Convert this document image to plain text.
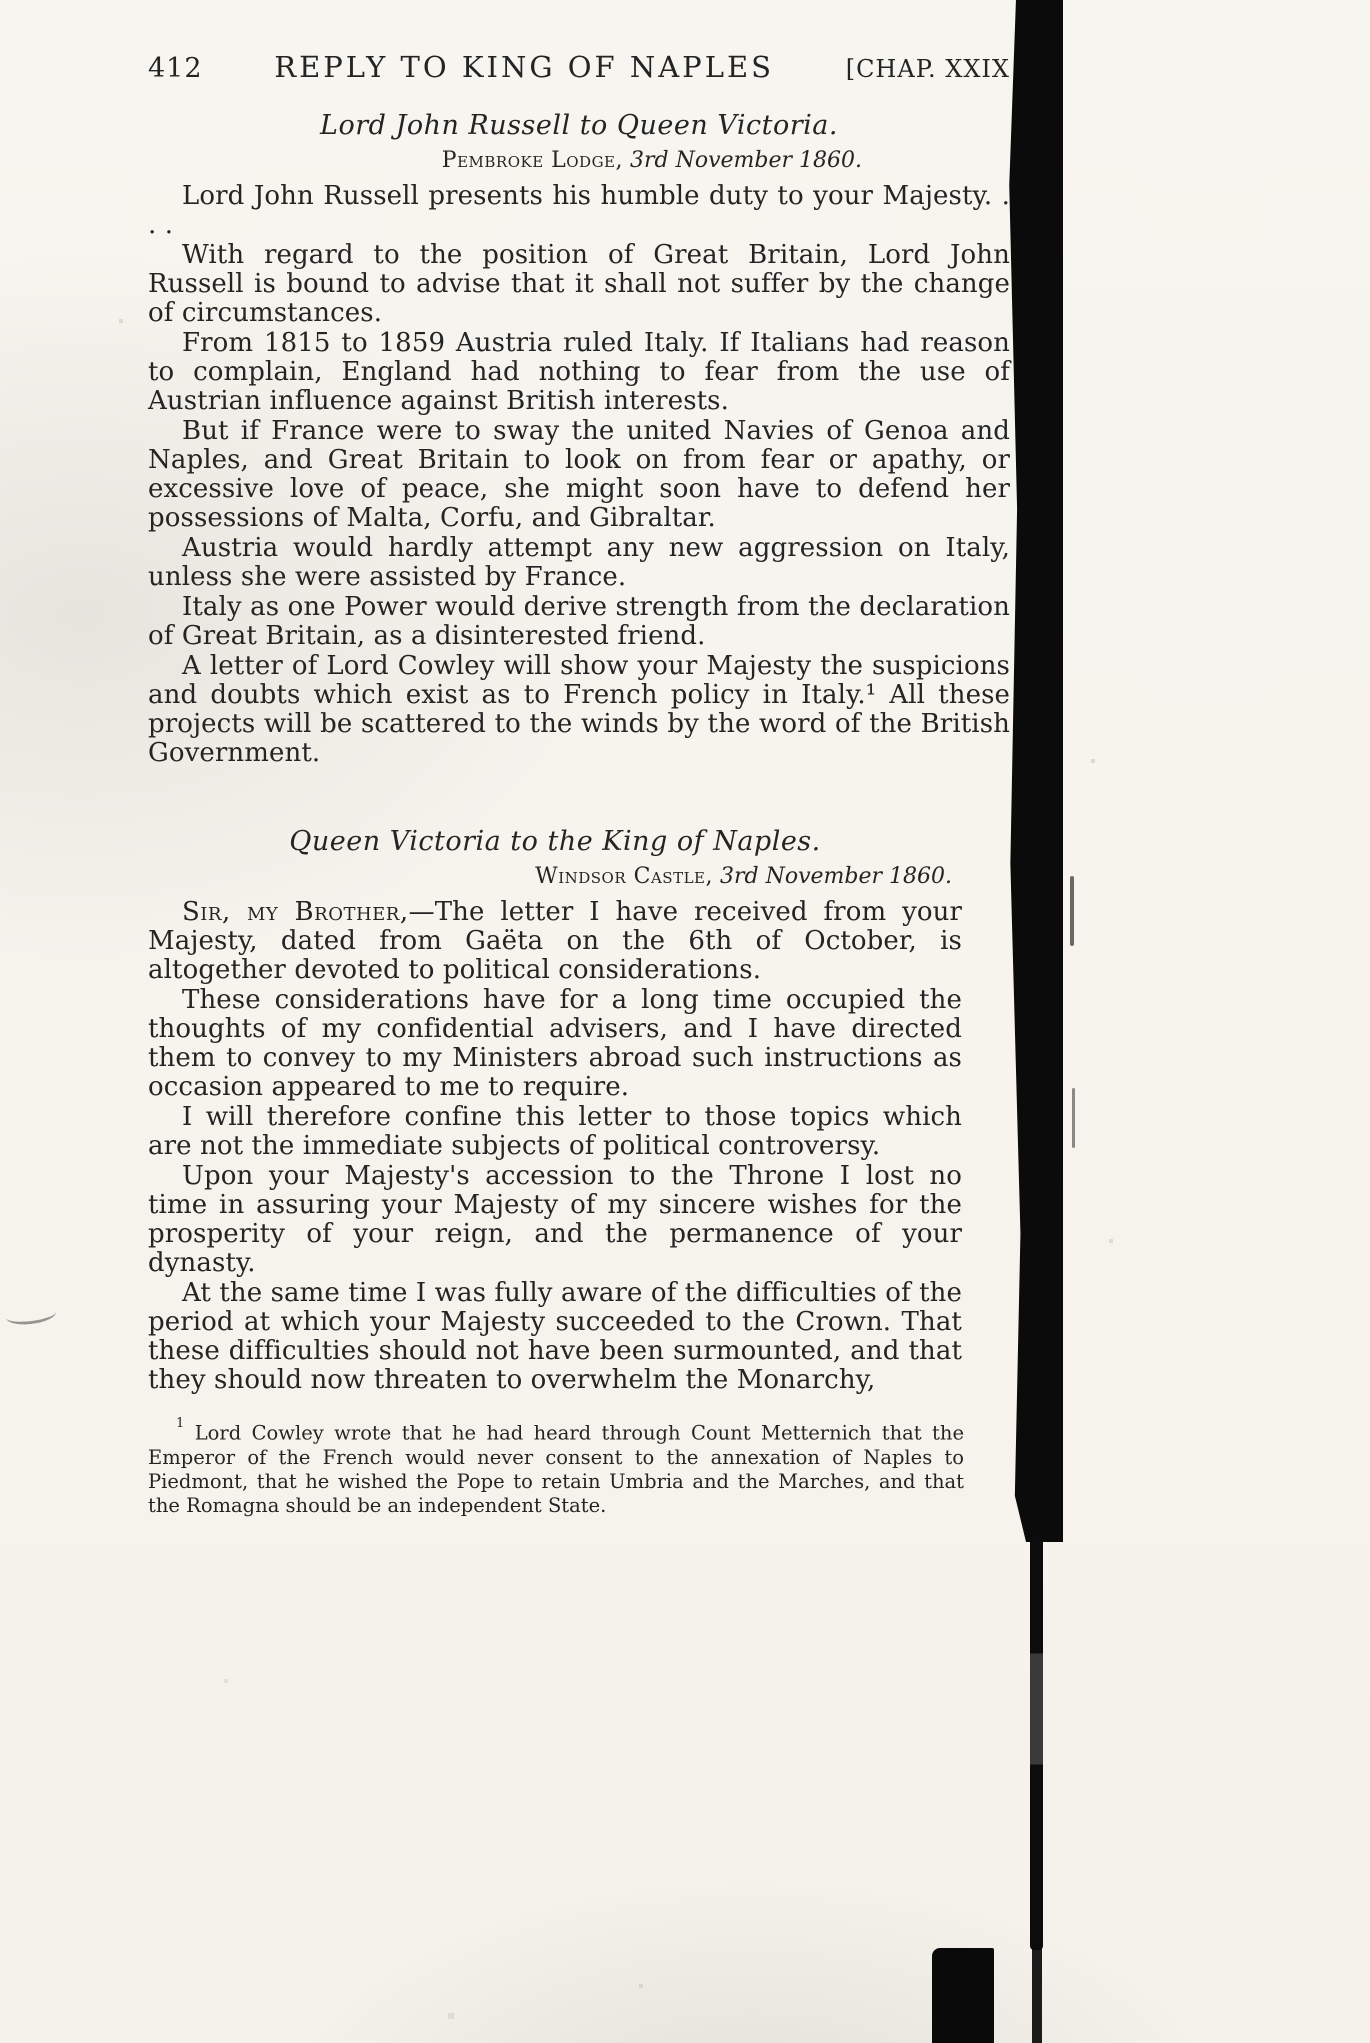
412 REPLY TO KING OF NAPLES	[CHAP. XXIX
Lord John Russell to Queen Victoria.
Pembroke Lodge, 3rd November 1860.

Lord John Russell presents his humble duty to your Majesty. . . .

With regard to the position of Great Britain, Lord John Russell is bound to advise that it shall not suffer by the change of circumstances.

From 1815 to 1859 Austria ruled Italy. If Italians had reason to complain, England had nothing to fear from the use of Austrian influence against British interests.

But if France were to sway the united Navies of Genoa and Naples, and Great Britain to look on from fear or apathy, or excessive love of peace, she might soon have to defend her possessions of Malta, Corfu, and Gibraltar.

Austria would hardly attempt any new aggression on Italy, unless she were assisted by France.

Italy as one Power would derive strength from the declaration of Great Britain, as a disinterested friend.

A letter of Lord Cowley will show your Majesty the suspicions and doubts which exist as to French policy in Italy.¹ All these projects will be scattered to the winds by the word of the British Government.

Queen Victoria to the King of Naples.
Windsor Castle, 3rd November 1860.

Sir, my Brother,—The letter I have received from your Majesty, dated from Gaëta on the 6th of October, is altogether devoted to political considerations.

These considerations have for a long time occupied the thoughts of my confidential advisers, and I have directed them to convey to my Ministers abroad such instructions as occasion appeared to me to require.

I will therefore confine this letter to those topics which are not the immediate subjects of political controversy.

Upon your Majesty's accession to the Throne I lost no time in assuring your Majesty of my sincere wishes for the prosperity of your reign, and the permanence of your dynasty.

At the same time I was fully aware of the difficulties of the period at which your Majesty succeeded to the Crown. That these difficulties should not have been surmounted, and that they should now threaten to overwhelm the Monarchy,

$^1$ Lord Cowley wrote that he had heard through Count Metternich that the Emperor of the French would never consent to the annexation of Naples to Piedmont, that he wished the Pope to retain Umbria and the Marches, and that the Romagna should be an independent State.
